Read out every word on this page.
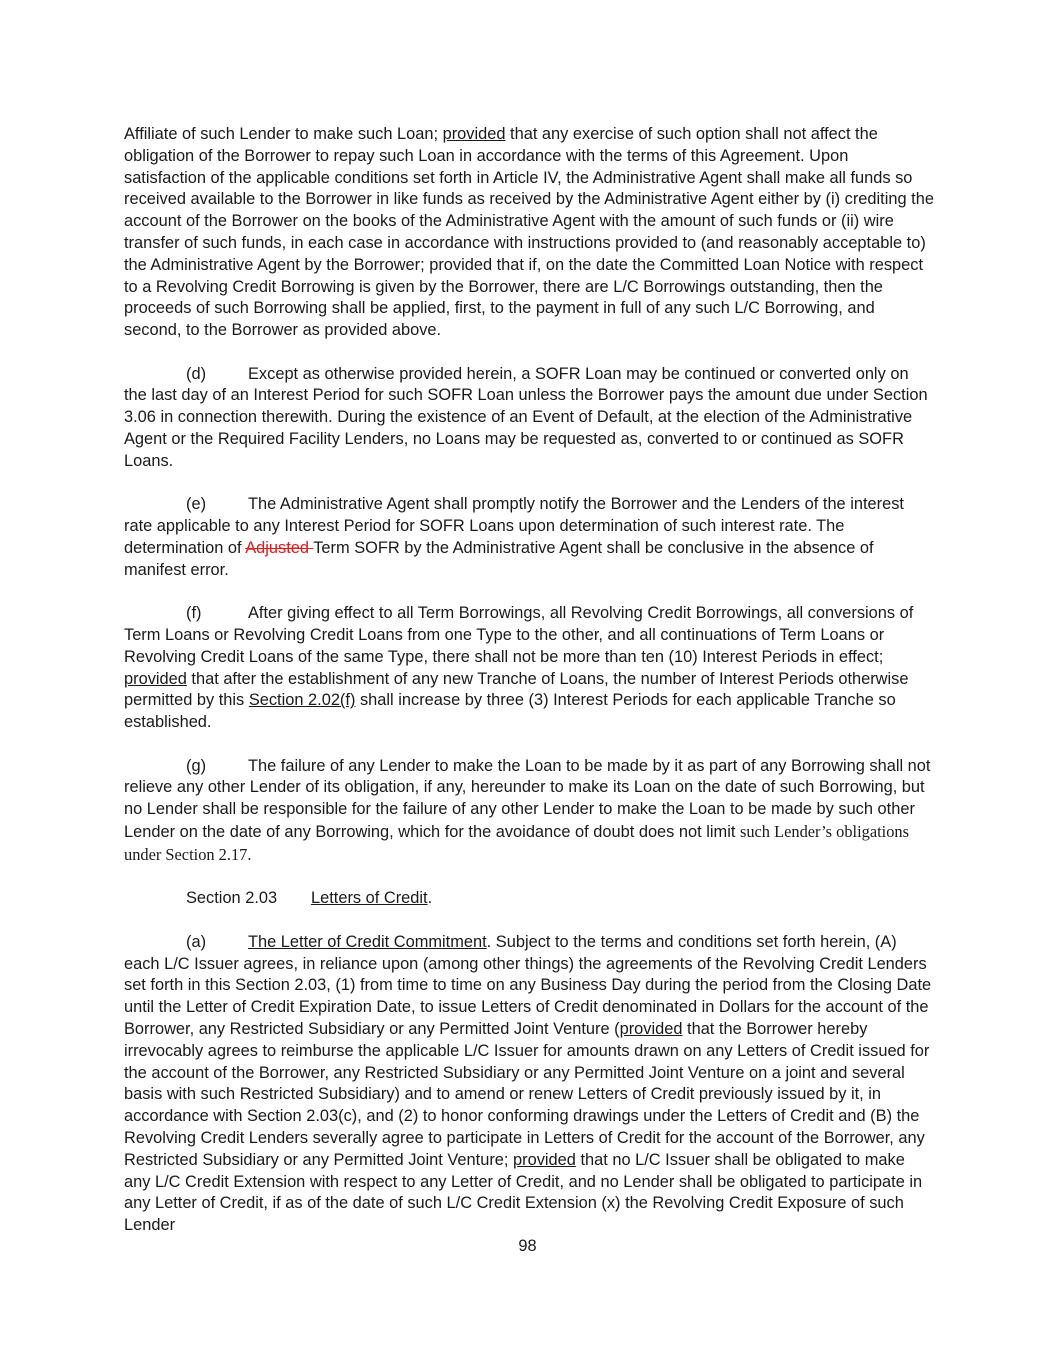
Affiliate of such Lender to make such Loan; provided that any exercise of such option shall not affect the obligation of the Borrower to repay such Loan in accordance with the terms of this Agreement. Upon satisfaction of the applicable conditions set forth in Article IV, the Administrative Agent shall make all funds so received available to the Borrower in like funds as received by the Administrative Agent either by (i) crediting the account of the Borrower on the books of the Administrative Agent with the amount of such funds or (ii) wire transfer of such funds, in each case in accordance with instructions provided to (and reasonably acceptable to) the Administrative Agent by the Borrower; provided that if, on the date the Committed Loan Notice with respect to a Revolving Credit Borrowing is given by the Borrower, there are L/C Borrowings outstanding, then the proceeds of such Borrowing shall be applied, first, to the payment in full of any such L/C Borrowing, and second, to the Borrower as provided above.

(d)	Except as otherwise provided herein, a SOFR Loan may be continued or converted only on the last day of an Interest Period for such SOFR Loan unless the Borrower pays the amount due under Section 3.06 in connection therewith. During the existence of an Event of Default, at the election of the Administrative Agent or the Required Facility Lenders, no Loans may be requested as, converted to or continued as SOFR Loans.

(e)	The Administrative Agent shall promptly notify the Borrower and the Lenders of the interest rate applicable to any Interest Period for SOFR Loans upon determination of such interest rate. The determination of Adjusted Term SOFR by the Administrative Agent shall be conclusive in the absence of manifest error.

(f)	After giving effect to all Term Borrowings, all Revolving Credit Borrowings, all conversions of Term Loans or Revolving Credit Loans from one Type to the other, and all continuations of Term Loans or Revolving Credit Loans of the same Type, there shall not be more than ten (10) Interest Periods in effect; provided that after the establishment of any new Tranche of Loans, the number of Interest Periods otherwise permitted by this Section 2.02(f) shall increase by three (3) Interest Periods for each applicable Tranche so established.

(g)	The failure of any Lender to make the Loan to be made by it as part of any Borrowing shall not relieve any other Lender of its obligation, if any, hereunder to make its Loan on the date of such Borrowing, but no Lender shall be responsible for the failure of any other Lender to make the Loan to be made by such other Lender on the date of any Borrowing, which for the avoidance of doubt does not limit such Lender’s obligations under Section 2.17.

Section 2.03 Letters of Credit.

(a)	The Letter of Credit Commitment. Subject to the terms and conditions set forth herein, (A) each L/C Issuer agrees, in reliance upon (among other things) the agreements of the Revolving Credit Lenders set forth in this Section 2.03, (1) from time to time on any Business Day during the period from the Closing Date until the Letter of Credit Expiration Date, to issue Letters of Credit denominated in Dollars for the account of the Borrower, any Restricted Subsidiary or any Permitted Joint Venture (provided that the Borrower hereby irrevocably agrees to reimburse the applicable L/C Issuer for amounts drawn on any Letters of Credit issued for the account of the Borrower, any Restricted Subsidiary or any Permitted Joint Venture on a joint and several basis with such Restricted Subsidiary) and to amend or renew Letters of Credit previously issued by it, in accordance with Section 2.03(c), and (2) to honor conforming drawings under the Letters of Credit and (B) the Revolving Credit Lenders severally agree to participate in Letters of Credit for the account of the Borrower, any Restricted Subsidiary or any Permitted Joint Venture; provided that no L/C Issuer shall be obligated to make any L/C Credit Extension with respect to any Letter of Credit, and no Lender shall be obligated to participate in any Letter of Credit, if as of the date of such L/C Credit Extension (x) the Revolving Credit Exposure of such Lender

98
